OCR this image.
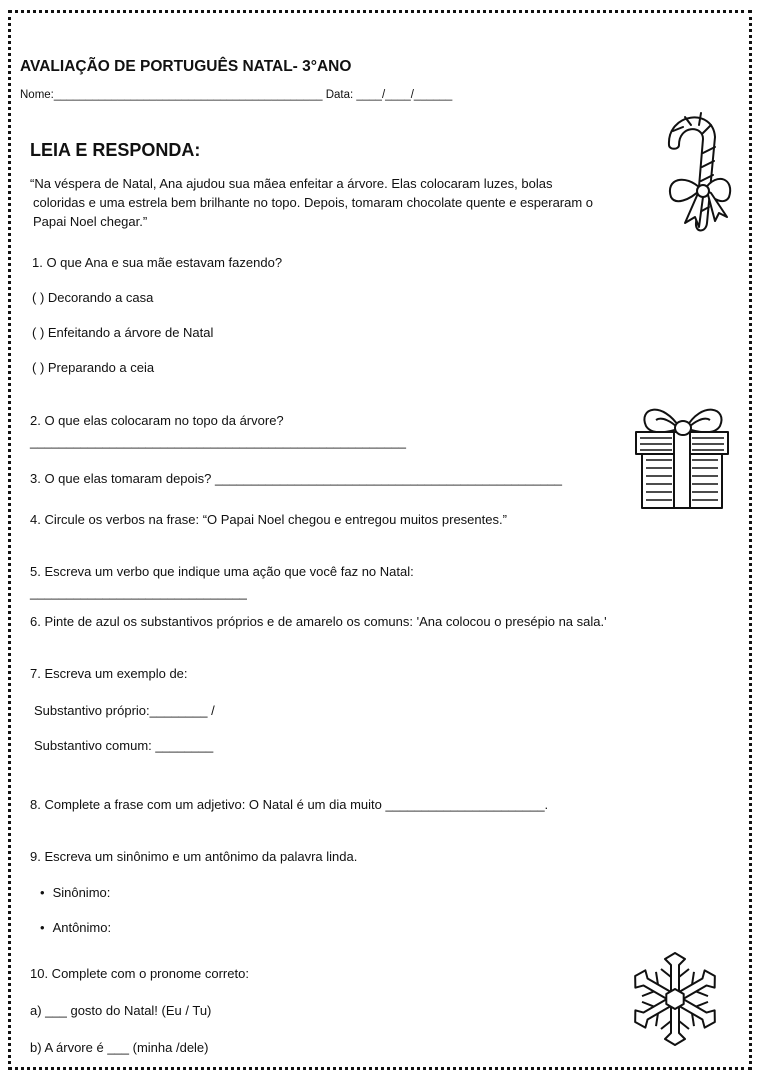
AVALIAÇÃO DE PORTUGUÊS NATAL- 3°ANO
Nome:__________________________________________ Data: ____/____/______
LEIA E RESPONDA:
“Na véspera de Natal, Ana ajudou sua mãea enfeitar a árvore. Elas colocaram luzes, bolas
coloridas e uma estrela bem brilhante no topo. Depois, tomaram chocolate quente e esperaram o
Papai Noel chegar.”
1. O que Ana e sua mãe estavam fazendo?
( ) Decorando a casa
( ) Enfeitando a árvore de Natal
( ) Preparando a ceia
2. O que elas colocaram no topo da árvore?
____________________________________________________
3. O que elas tomaram depois? ________________________________________________
4. Circule os verbos na frase: “O Papai Noel chegou e entregou muitos presentes.”
5. Escreva um verbo que indique uma ação que você faz no Natal:
______________________________
6. Pinte de azul os substantivos próprios e de amarelo os comuns: 'Ana colocou o presépio na sala.'
7. Escreva um exemplo de:
Substantivo próprio:________ /
Substantivo comum: ________
8. Complete a frase com um adjetivo: O Natal é um dia muito ______________________.
9. Escreva um sinônimo e um antônimo da palavra linda.
• Sinônimo:
• Antônimo:
10. Complete com o pronome correto:
a) ___ gosto do Natal! (Eu / Tu)
b) A árvore é ___ (minha /dele)
